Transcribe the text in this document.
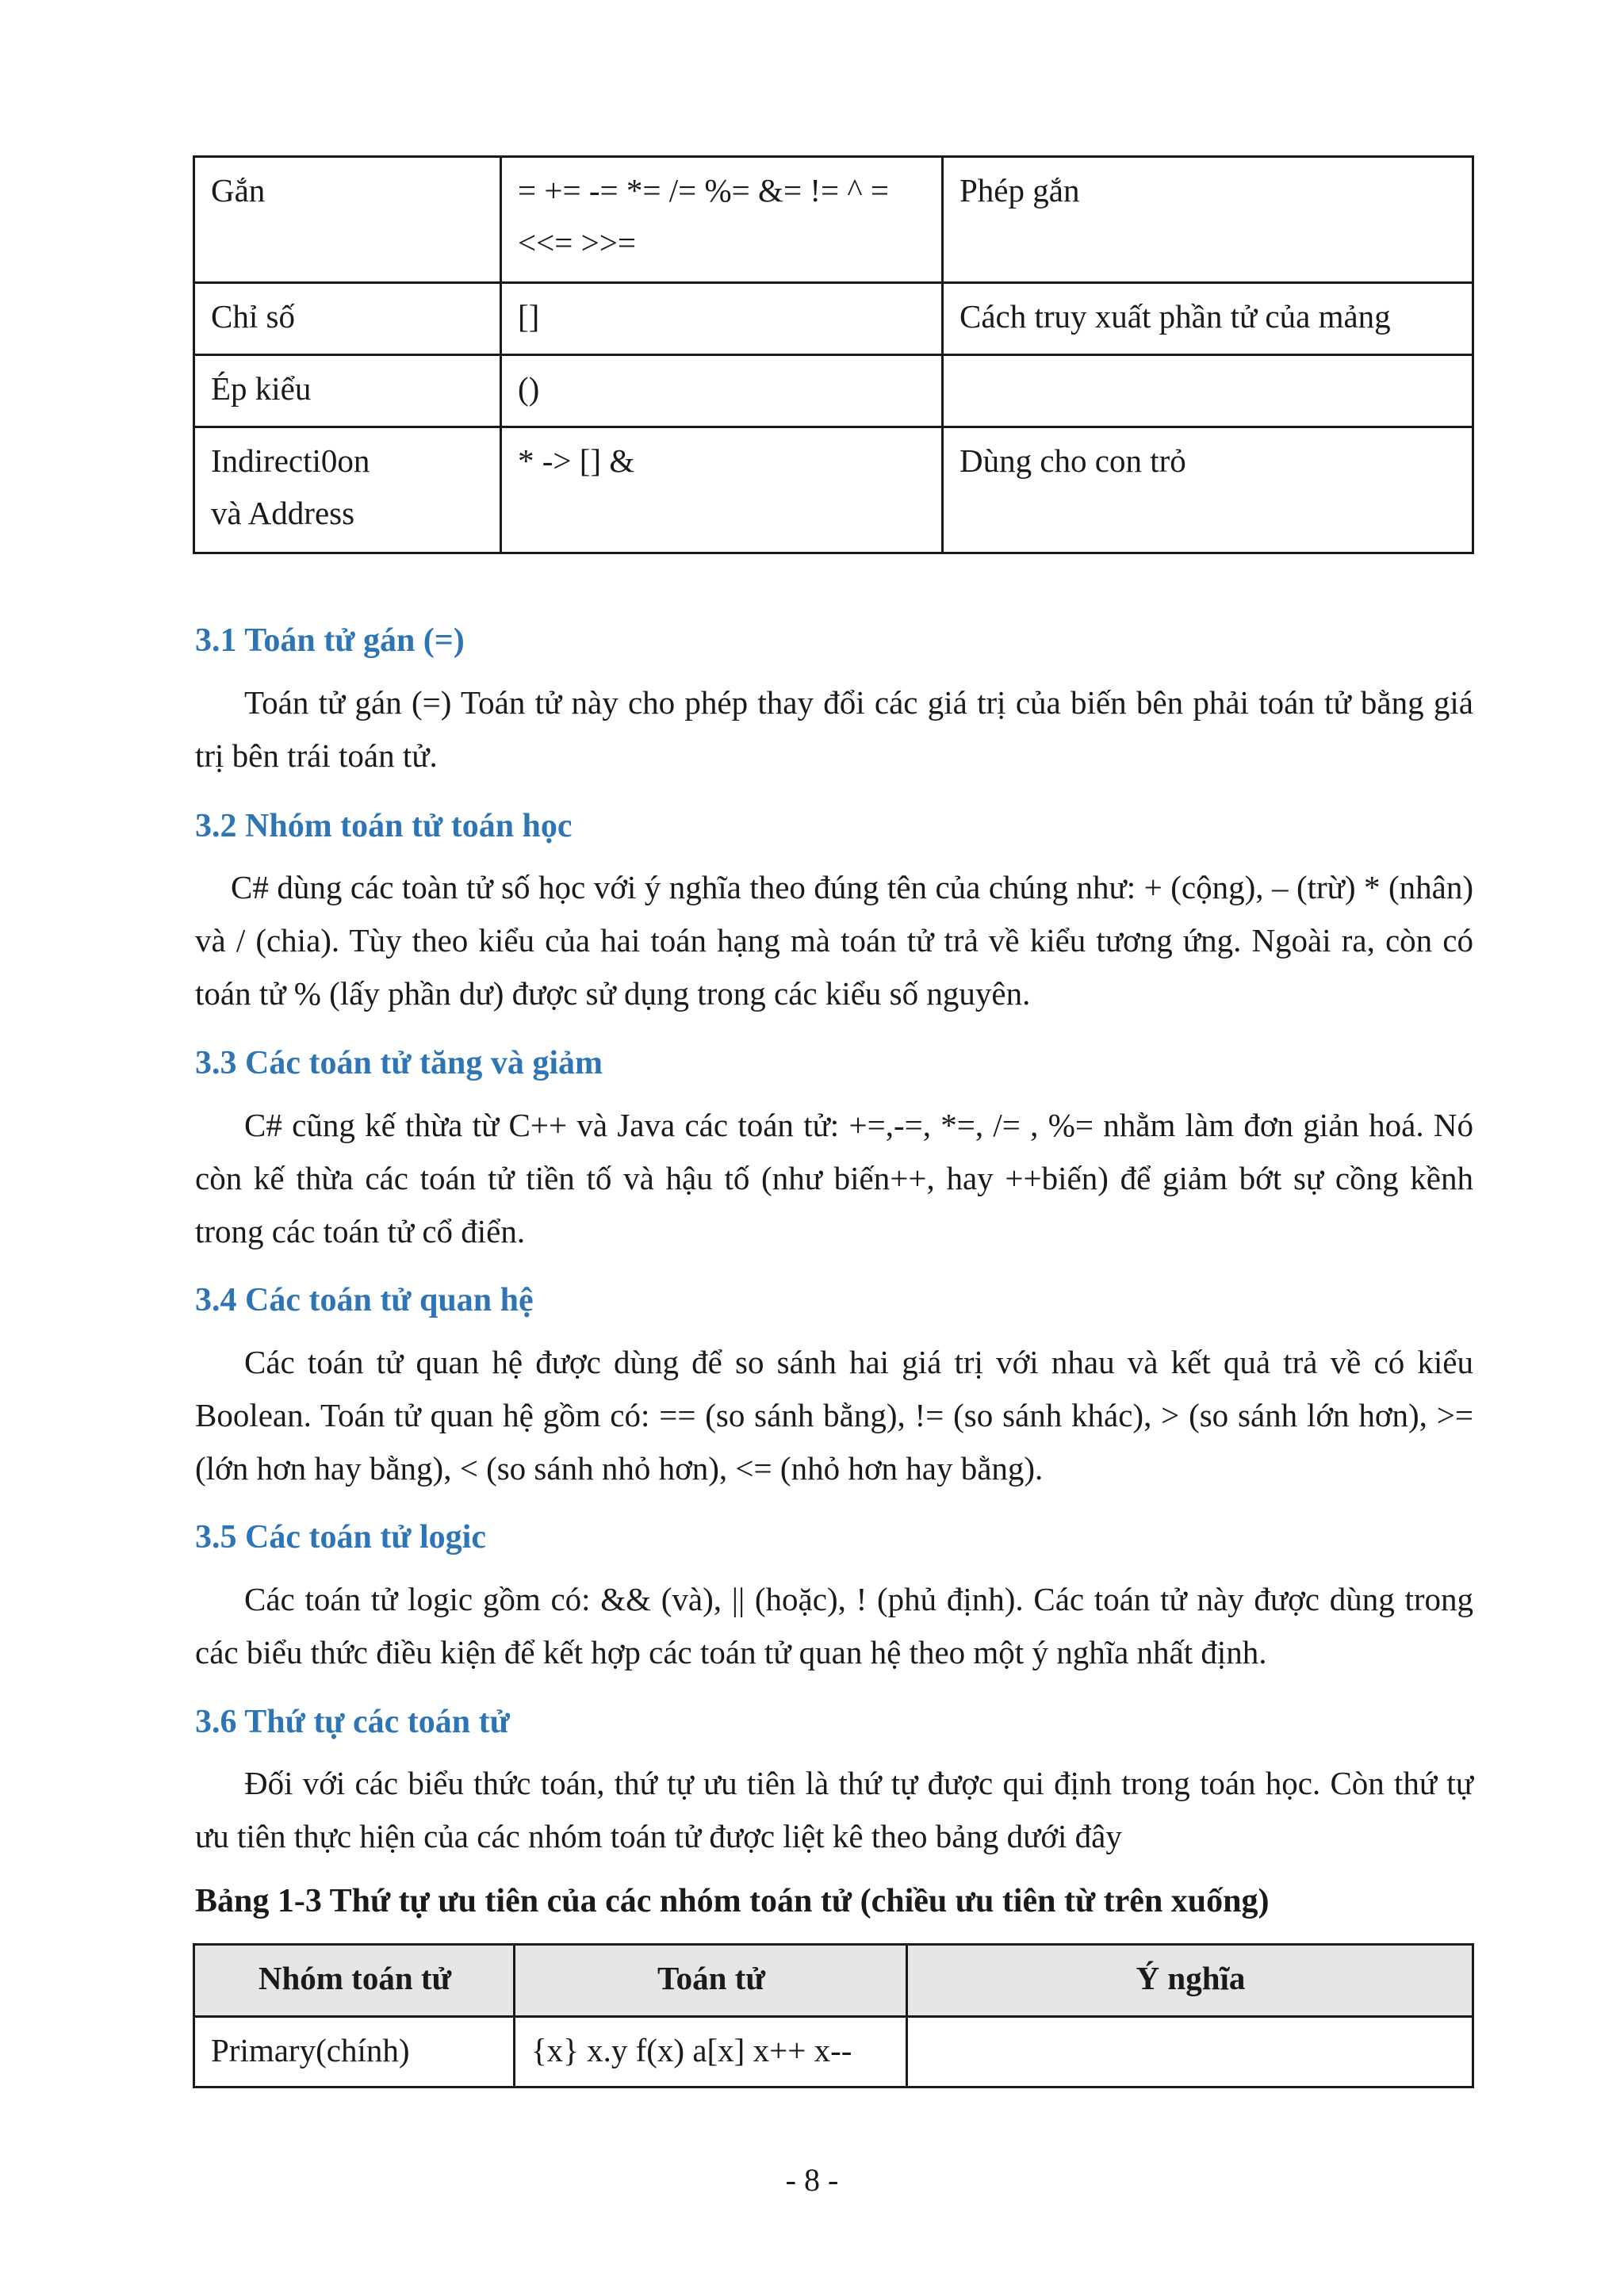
Gắn	= += -= *= /= %= &= != ^ = <<= >>=	Phép gắn
Chỉ số	[]	Cách truy xuất phần tử của mảng
Ép kiểu	()	
Indirecti0on và Address	* -> [] &	Dùng cho con trỏ
3.1 Toán tử gán (=)

Toán tử gán (=) Toán tử này cho phép thay đổi các giá trị của biến bên phải toán tử bằng giá trị bên trái toán tử.

3.2 Nhóm toán tử toán học

C# dùng các toàn tử số học với ý nghĩa theo đúng tên của chúng như: + (cộng), – (trừ) * (nhân) và / (chia). Tùy theo kiểu của hai toán hạng mà toán tử trả về kiểu tương ứng. Ngoài ra, còn có toán tử % (lấy phần dư) được sử dụng trong các kiểu số nguyên.

3.3 Các toán tử tăng và giảm

C# cũng kế thừa từ C++ và Java các toán tử: +=,-=, *=, /= , %= nhằm làm đơn giản hoá. Nó còn kế thừa các toán tử tiền tố và hậu tố (như biến++, hay ++biến) để giảm bớt sự cồng kềnh trong các toán tử cổ điển.

3.4 Các toán tử quan hệ

Các toán tử quan hệ được dùng để so sánh hai giá trị với nhau và kết quả trả về có kiểu Boolean. Toán tử quan hệ gồm có: == (so sánh bằng), != (so sánh khác), > (so sánh lớn hơn), >= (lớn hơn hay bằng), < (so sánh nhỏ hơn), <= (nhỏ hơn hay bằng).

3.5 Các toán tử logic

Các toán tử logic gồm có: && (và), || (hoặc), ! (phủ định). Các toán tử này được dùng trong các biểu thức điều kiện để kết hợp các toán tử quan hệ theo một ý nghĩa nhất định.

3.6 Thứ tự các toán tử

Đối với các biểu thức toán, thứ tự ưu tiên là thứ tự được qui định trong toán học. Còn thứ tự ưu tiên thực hiện của các nhóm toán tử được liệt kê theo bảng dưới đây

Bảng 1-3 Thứ tự ưu tiên của các nhóm toán tử (chiều ưu tiên từ trên xuống)

Nhóm toán tử	Toán tử	Ý nghĩa
Primary(chính)	{x} x.y f(x) a[x] x++ x--	

- 8 -
